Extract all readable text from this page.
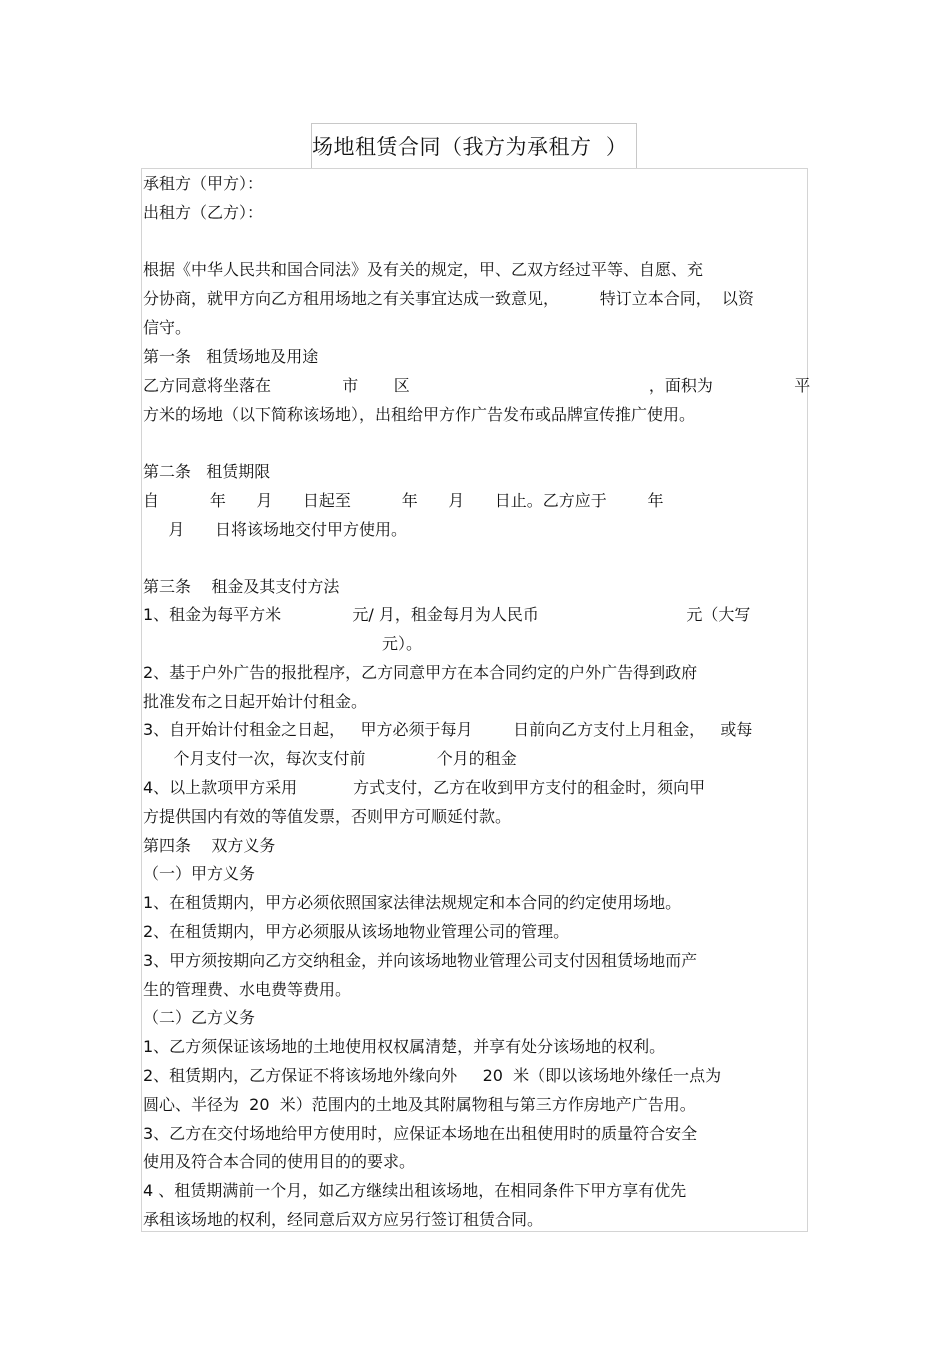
场地租赁合同（我方为承租方  ）
承租方（甲方）：
出租方（乙方）：
根据《中华人民共和国合同法》及有关的规定，甲、乙双方经过平等、自愿、充
分协商，就甲方向乙方租用场地之有关事宜达成一致意见，        特订立本合同，  以资
信守。
第一条   租赁场地及用途
乙方同意将坐落在              市       区                                               ，面积为                平
方米的场地（以下简称该场地），出租给甲方作广告发布或品牌宣传推广使用。
第二条   租赁期限
自          年      月      日起至          年      月      日止。乙方应于        年
月      日将该场地交付甲方使用。
第三条    租金及其支付方法
1、租金为每平方米              元/ 月，租金每月为人民币                             元（大写
元）。
2、基于户外广告的报批程序，乙方同意甲方在本合同约定的户外广告得到政府
批准发布之日起开始计付租金。
3、自开始计付租金之日起，   甲方必须于每月        日前向乙方支付上月租金，   或每
个月支付一次，每次支付前              个月的租金
4、以上款项甲方采用           方式支付，乙方在收到甲方支付的租金时，须向甲
方提供国内有效的等值发票，否则甲方可顺延付款。
第四条    双方义务
（一）甲方义务
1、在租赁期内，甲方必须依照国家法律法规规定和本合同的约定使用场地。
2、在租赁期内，甲方必须服从该场地物业管理公司的管理。
3、甲方须按期向乙方交纳租金，并向该场地物业管理公司支付因租赁场地而产
生的管理费、水电费等费用。
（二）乙方义务
1、乙方须保证该场地的土地使用权权属清楚，并享有处分该场地的权利。
2、租赁期内，乙方保证不将该场地外缘向外     20  米（即以该场地外缘任一点为
圆心、半径为  20  米）范围内的土地及其附属物租与第三方作房地产广告用。
3、乙方在交付场地给甲方使用时，应保证本场地在出租使用时的质量符合安全
使用及符合本合同的使用目的的要求。
4 、租赁期满前一个月，如乙方继续出租该场地，在相同条件下甲方享有优先
承租该场地的权利，经同意后双方应另行签订租赁合同。
